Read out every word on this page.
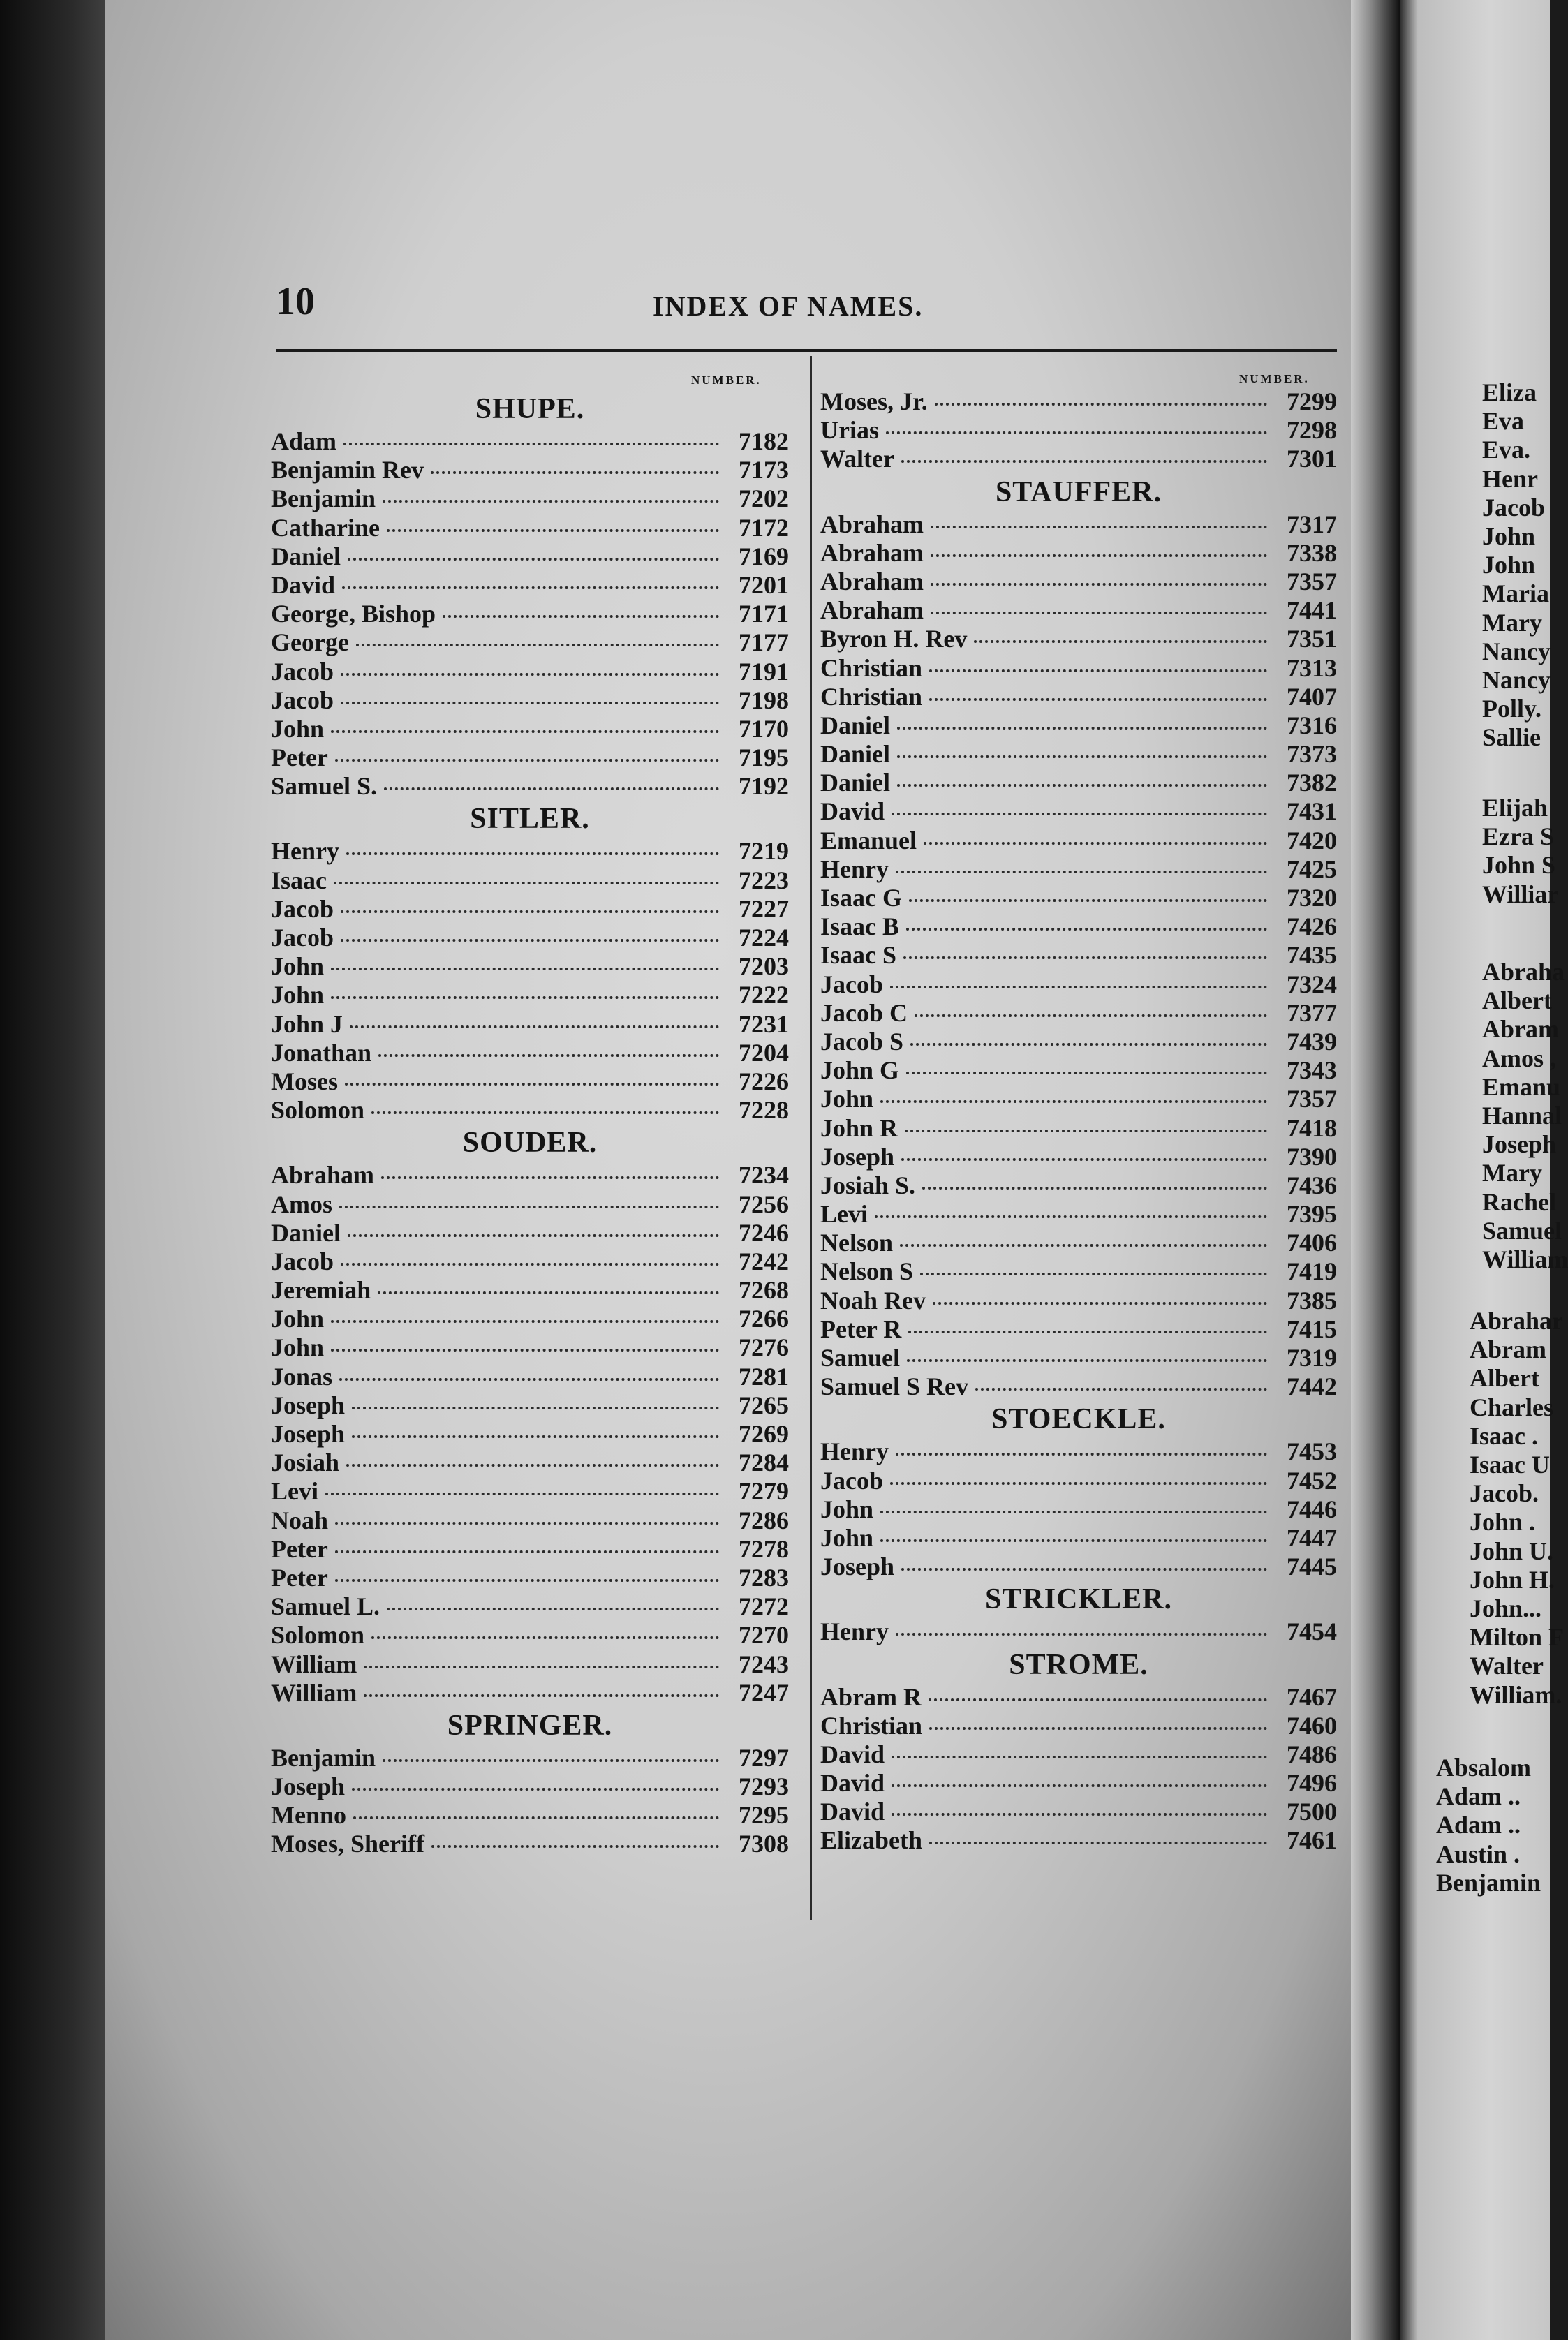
Eliza
Eva
Eva.
Henr
Jacob
John
John
Maria
Mary
Nancy
Nancy
Polly.
Sallie
Elijah
Ezra S
John S
Williar
Abraha
Albert
Abram
Amos ,
Emanu
Hannal
Joseph
Mary
Rachel
Samuel
William
Abrahar
Abram
Albert
Charles
Isaac .
Isaac U
Jacob.
John .
John U.
John H.
John...
Milton F
Walter
William.
Absalom
Adam ..
Adam ..
Austin .
Benjamin
10	INDEX OF NAMES.
NUMBER.	NUMBER.
SHUPE.
Adam	7182
Benjamin Rev	7173
Benjamin	7202
Catharine	7172
Daniel	7169
David	7201
George, Bishop	7171
George	7177
Jacob	7191
Jacob	7198
John	7170
Peter	7195
Samuel S.	7192
SITLER.
Henry	7219
Isaac	7223
Jacob	7227
Jacob	7224
John	7203
John	7222
John J	7231
Jonathan	7204
Moses	7226
Solomon	7228
SOUDER.
Abraham	7234
Amos	7256
Daniel	7246
Jacob	7242
Jeremiah	7268
John	7266
John	7276
Jonas	7281
Joseph	7265
Joseph	7269
Josiah	7284
Levi	7279
Noah	7286
Peter	7278
Peter	7283
Samuel L.	7272
Solomon	7270
William	7243
William	7247
SPRINGER.
Benjamin	7297
Joseph	7293
Menno	7295
Moses, Sheriff	7308
Moses, Jr.	7299
Urias	7298
Walter	7301
STAUFFER.
Abraham	7317
Abraham	7338
Abraham	7357
Abraham	7441
Byron H. Rev	7351
Christian	7313
Christian	7407
Daniel	7316
Daniel	7373
Daniel	7382
David	7431
Emanuel	7420
Henry	7425
Isaac G	7320
Isaac B	7426
Isaac S	7435
Jacob	7324
Jacob C	7377
Jacob S	7439
John G	7343
John	7357
John R	7418
Joseph	7390
Josiah S.	7436
Levi	7395
Nelson	7406
Nelson S	7419
Noah Rev	7385
Peter R	7415
Samuel	7319
Samuel S Rev	7442
STOECKLE.
Henry	7453
Jacob	7452
John	7446
John	7447
Joseph	7445
STRICKLER.
Henry	7454
STROME.
Abram R	7467
Christian	7460
David	7486
David	7496
David	7500
Elizabeth	7461
